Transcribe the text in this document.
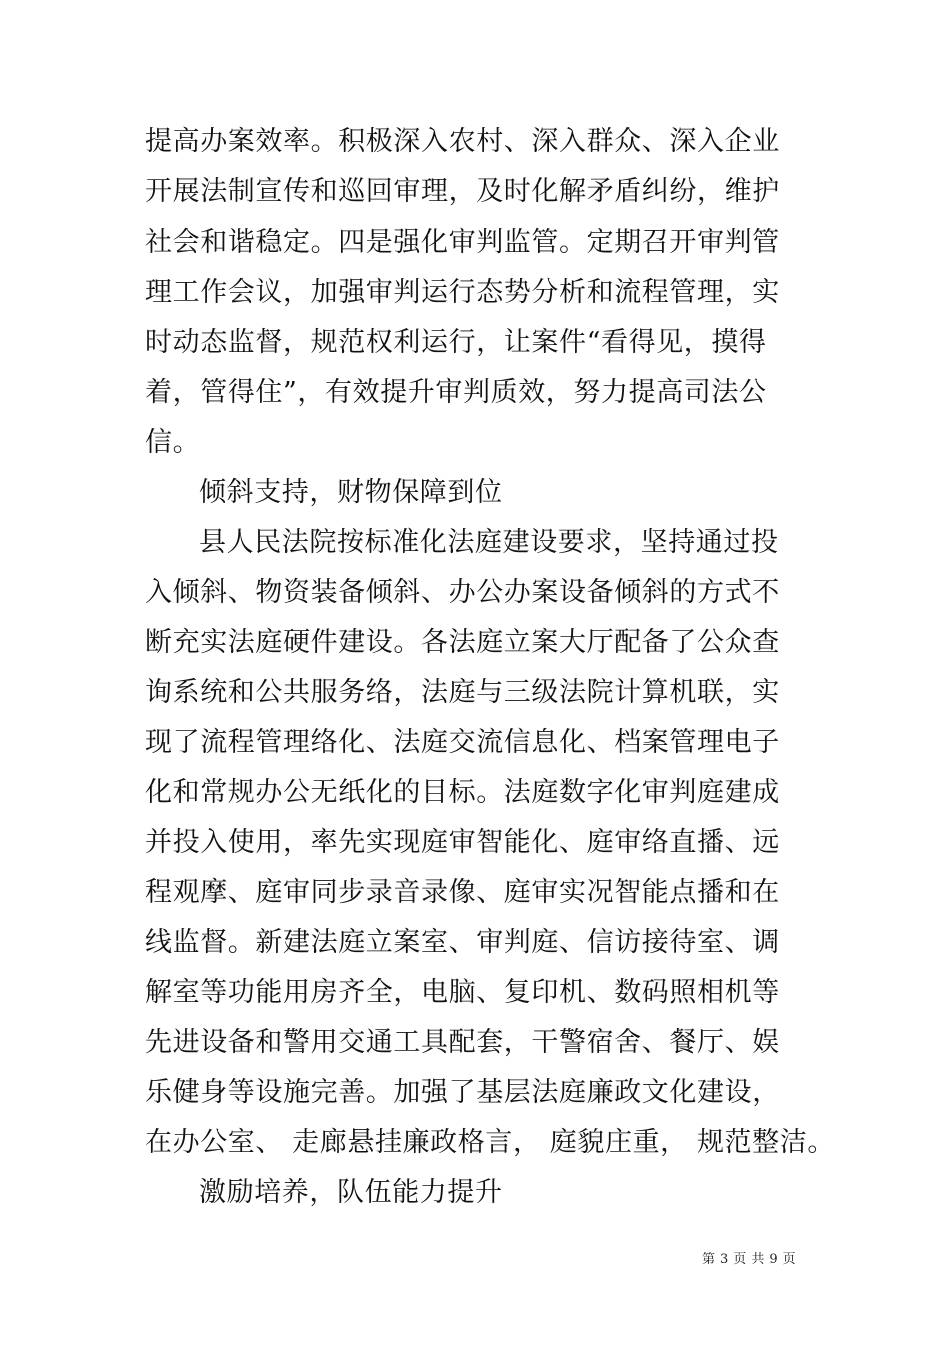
提高办案效率。积极深入农村、深入群众、深入企业
开展法制宣传和巡回审理，及时化解矛盾纠纷，维护
社会和谐稳定。四是强化审判监管。定期召开审判管
理工作会议，加强审判运行态势分析和流程管理，实
时动态监督，规范权利运行，让案件“看得见，摸得
着，管得住”，有效提升审判质效，努力提高司法公
信。
倾斜支持，财物保障到位
县人民法院按标准化法庭建设要求，坚持通过投
入倾斜、物资装备倾斜、办公办案设备倾斜的方式不
断充实法庭硬件建设。各法庭立案大厅配备了公众查
询系统和公共服务络，法庭与三级法院计算机联，实
现了流程管理络化、法庭交流信息化、档案管理电子
化和常规办公无纸化的目标。法庭数字化审判庭建成
并投入使用，率先实现庭审智能化、庭审络直播、远
程观摩、庭审同步录音录像、庭审实况智能点播和在
线监督。新建法庭立案室、审判庭、信访接待室、调
解室等功能用房齐全，电脑、复印机、数码照相机等
先进设备和警用交通工具配套，干警宿舍、餐厅、娱
乐健身等设施完善。加强了基层法庭廉政文化建设，
在办公室、 走廊悬挂廉政格言， 庭貌庄重， 规范整洁。
激励培养，队伍能力提升
第 3 页 共 9 页
